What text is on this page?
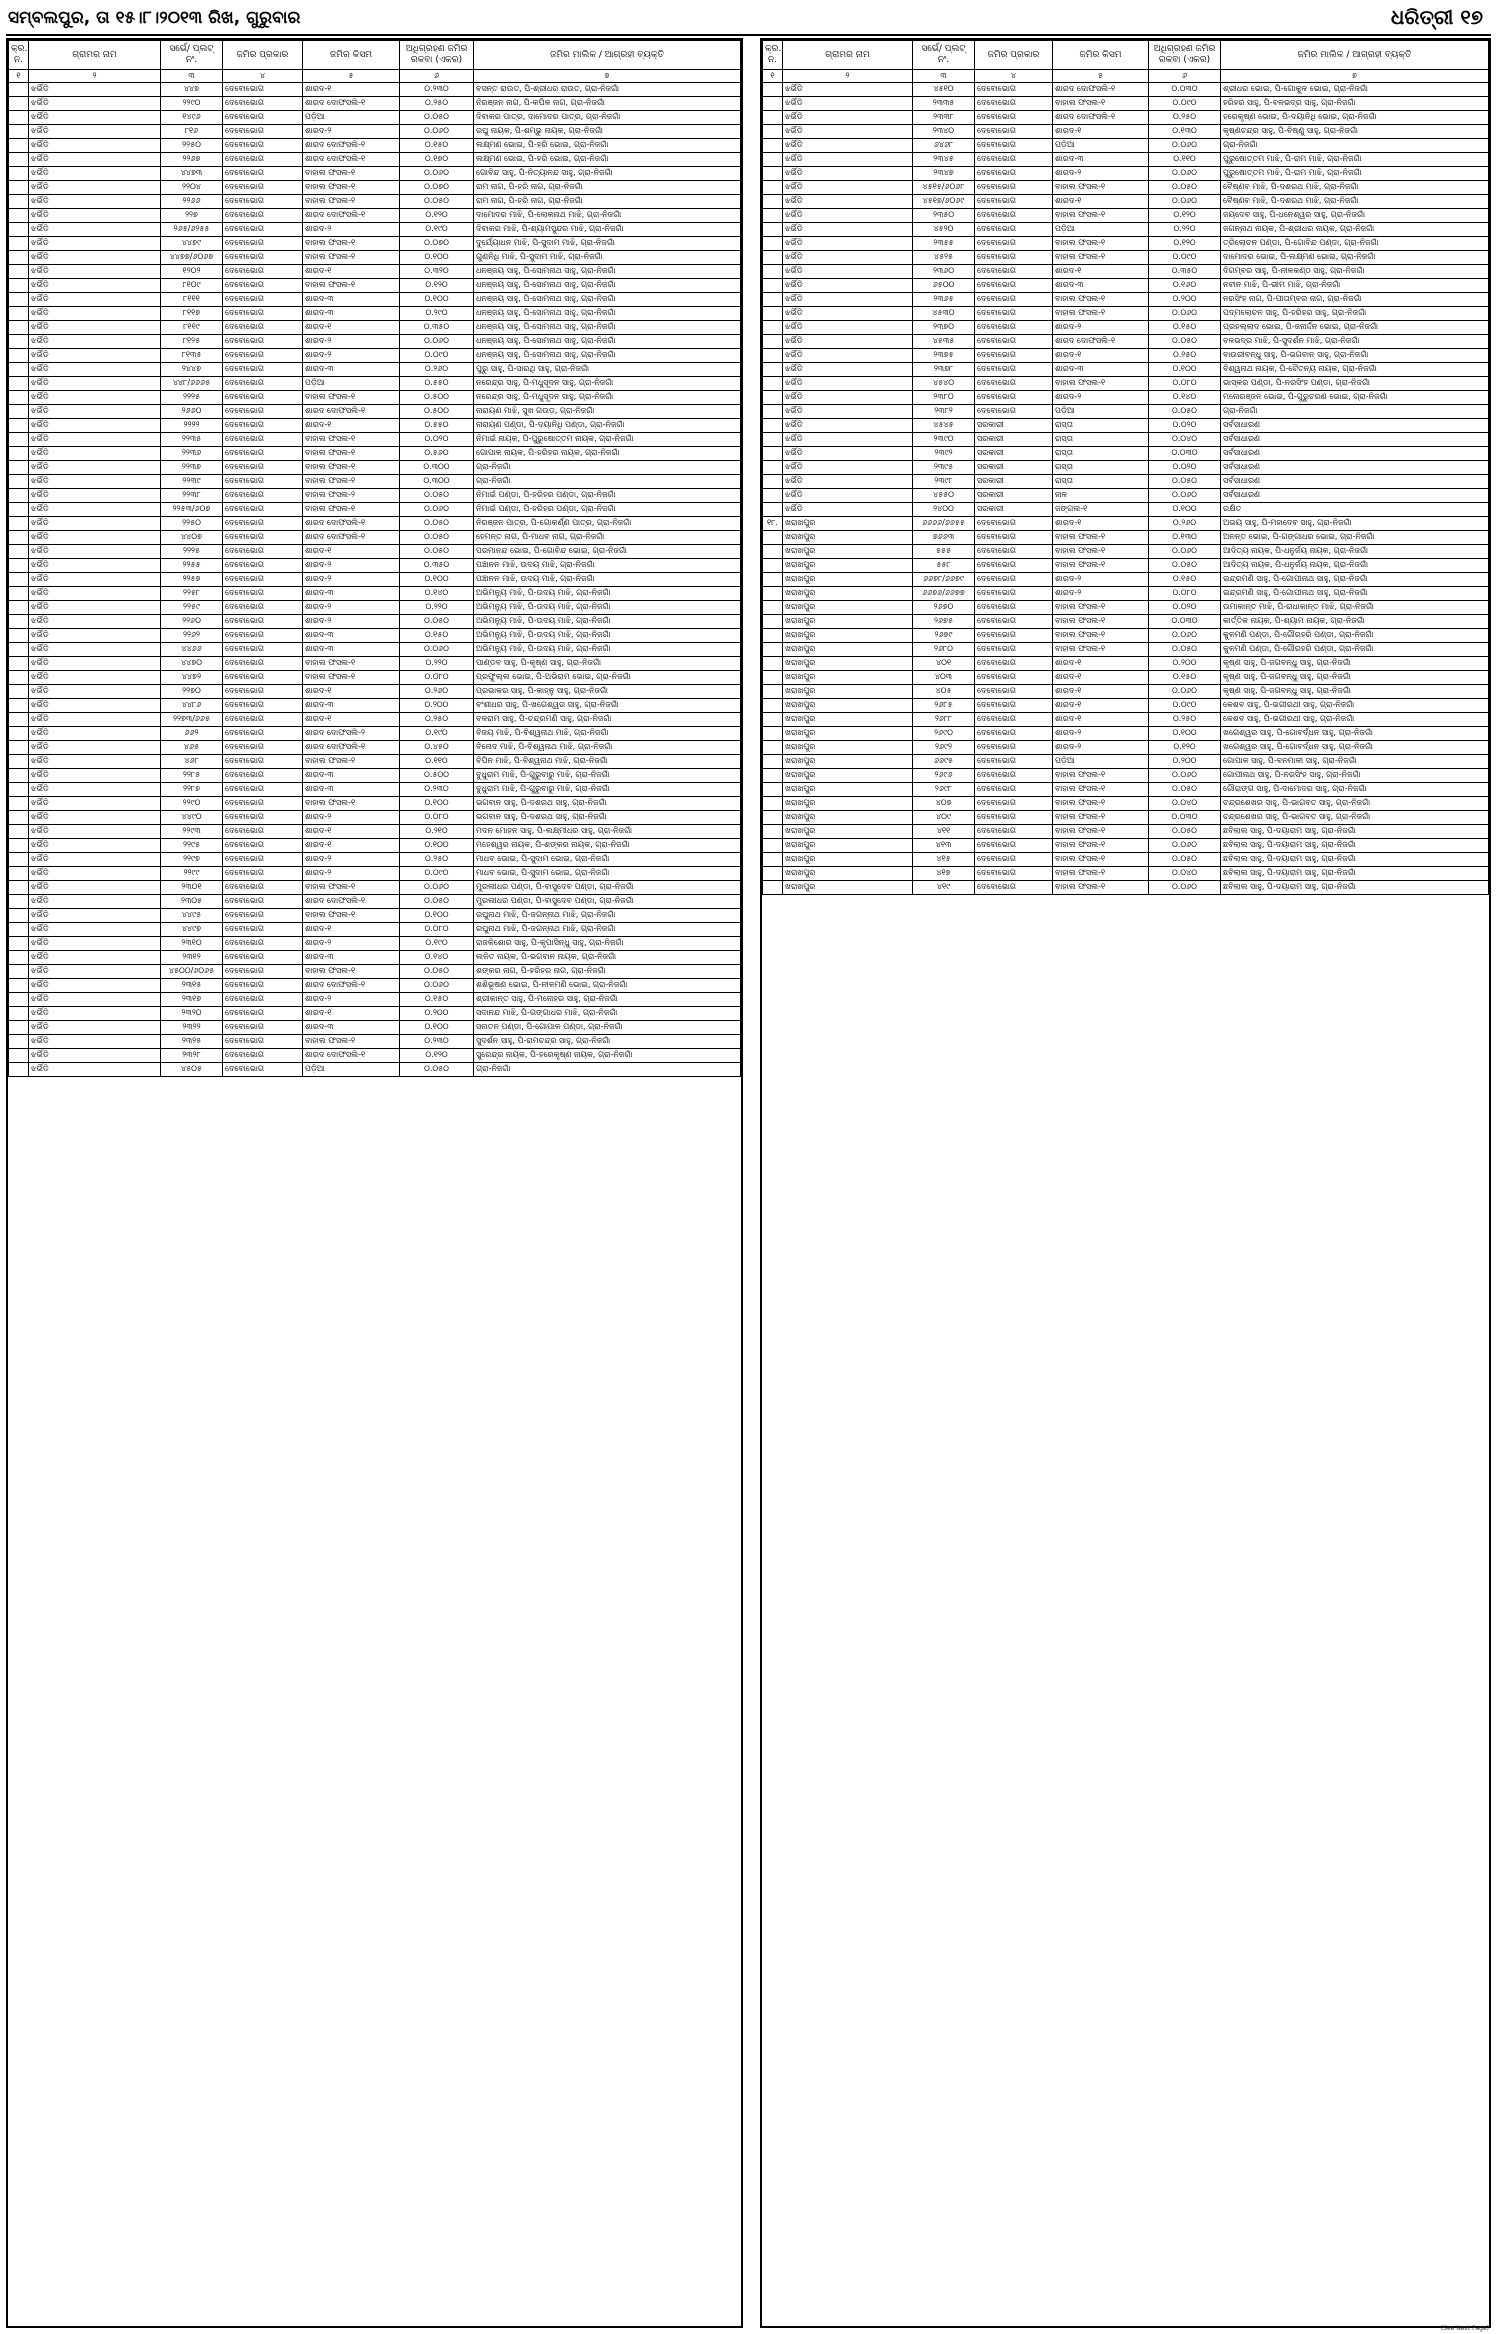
ସମ୍ବଲପୁର, ତା ୧୫।୮।୨୦୧୩ ରିଖ, ଗୁରୁବାର	ଧରିତ୍ରୀ ୧୭
କ୍ର. ନ.	ଗ୍ରାମର ନାମ	ସର୍ଭେ/ ପ୍ଲଟ୍ ନଂ.	ଜମିର ପ୍ରକାର	ଜମିର କିସମ	ଅଧିଗ୍ରହଣ ଜମିର ରକବା (ଏକର)	ଜମିର ମାଲିକ / ଆଗ୍ରହୀ ବ୍ୟକ୍ତି
୧	୨	୩	୪	୫	୬	୭
	ଝର୍ଭିଡି	୪୪୭	ଦେବୋଭୋଗ	ଶାରଦ-୧	୦.୨୩୦	ବସନ୍ତ ରାଉତ, ପି-ଶ୍ରୀଧର ରାଉତ, ଗ୍ରା-ନିଜଗାଁ
	ଝର୍ଭିଡି	୨୨୯୦	ଦେବୋଭୋଗ	ଶାରଦ ଦୋଫସଲି-୧	୦.୨୫୦	ନିରଞ୍ଜନ ନାଗ, ପି-କପିଳ ନାଗ, ଗ୍ରା-ନିଜଗାଁ
	ଝର୍ଭିଡି	୧୪୯୬	ଦେବୋଭୋଗ	ପଡ଼ିଆ	୦.୦୫୦	ଦିବାକର ପାତ୍ର, ଦାମୋଦର ପାତ୍ର, ଗ୍ରା-ନିଜଗାଁ
	ଝର୍ଭିଡି	୮୧୬	ଦେବୋଭୋଗ	ଶାରଦ-୨	୦.୦୬୦	ରଘୁ ନାୟକ, ପି-ଶମ୍ଭୁ ନାୟକ, ଗ୍ରା-ନିଜଗାଁ
	ଝର୍ଭିଡି	୨୨୫୦	ଦେବୋଭୋଗ	ଶାରଦ ଦୋଫସଲି-୧	୦.୧୫୦	ଲକ୍ଷ୍ମଣ ଭୋଇ, ପି-ହରି ଭୋଇ, ଗ୍ରା-ନିଜଗାଁ
	ଝର୍ଭିଡି	୨୨୬୭	ଦେବୋଭୋଗ	ଶାରଦ ଦୋଫସଲି-୧	୦.୧୭୦	ଲକ୍ଷ୍ମଣ ଭୋଇ, ପି-ହରି ଭୋଇ, ଗ୍ରା-ନିଜଗାଁ
	ଝର୍ଭିଡି	୪୪୭୩	ଦେବୋଭୋଗ	ବାହାଲ ଫସଲ-୧	୦.୦୬୦	ଗୋବିନ୍ଦ ସାହୁ, ପି-ନିତ୍ୟାନନ୍ଦ ସାହୁ, ଗ୍ରା-ନିଜଗାଁ
	ଝର୍ଭିଡି	୨୨୦୪	ଦେବୋଭୋଗ	ବାହାଲ ଫସଲ-୧	୦.୦୭୦	ରାମ ନାଗ, ପି-ହରି ନାଗ, ଗ୍ରା-ନିଜଗାଁ
	ଝର୍ଭିଡି	୨୨୬୬	ଦେବୋଭୋଗ	ବାହାଲ ଫସଲ-୧	୦.୦୫୦	ରାମ ନାଗ, ପି-ହରି ନାଗ, ଗ୍ରା-ନିଜଗାଁ
	ଝର୍ଭିଡି	୨୨୭	ଦେବୋଭୋଗ	ଶାରଦ ଦୋଫସଲି-୧	୦.୧୨୦	ଦାମୋଦର ମାଝି, ପି-ଲୋକନାଥ ମାଝି, ଗ୍ରା-ନିଜଗାଁ
	ଝର୍ଭିଡି	୨୬୫/୬୨୫୫	ଦେବୋଭୋଗ	ଶାରଦ-୨	୦.୧୯୦	ଦିବାକର ମାଝି, ପି-ଶ୍ୟାମସୁନ୍ଦର ମାଝି, ଗ୍ରା-ନିଜଗାଁ
	ଝର୍ଭିଡି	୪୪୭୯	ଦେବୋଭୋଗ	ବାହାଲ ଫସଲ-୧	୦.୦୭୦	ଦୁର୍ଯ୍ୟୋଧନ ମାଝି, ପି-ସୁଦାମ ମାଝି, ଗ୍ରା-ନିଜଗାଁ
	ଝର୍ଭିଡି	୪୪୭୭/୬୦୬୭	ଦେବୋଭୋଗ	ବାହାଲ ଫସଲ-୧	୦.୧୦୦	ଗୁଣନିଧି ମାଝି, ପି-ସୁଦାମ ମାଝି, ଗ୍ରା-ନିଜଗାଁ
	ଝର୍ଭିଡି	୧୨୦୨	ଦେବୋଭୋଗ	ଶାରଦ-୧	୦.୩୨୦	ଧନଞ୍ଜୟ ସାହୁ, ପି-ସୋମନାଥ ସାହୁ, ଗ୍ରା-ନିଜଗାଁ
	ଝର୍ଭିଡି	୮୧୦୯	ଦେବୋଭୋଗ	ବାହାଲ ଫସଲ-୧	୦.୧୨୦	ଧନଞ୍ଜୟ ସାହୁ, ପି-ସୋମନାଥ ସାହୁ, ଗ୍ରା-ନିଜଗାଁ
	ଝର୍ଭିଡି	୮୧୧୧	ଦେବୋଭୋଗ	ଶାରଦ-୩	୦.୧୦୦	ଧନଞ୍ଜୟ ସାହୁ, ପି-ସୋମନାଥ ସାହୁ, ଗ୍ରା-ନିଜଗାଁ
	ଝର୍ଭିଡି	୮୧୧୭	ଦେବୋଭୋଗ	ଶାରଦ-୩	୦.୨୯୦	ଧନଞ୍ଜୟ ସାହୁ, ପି-ସୋମନାଥ ସାହୁ, ଗ୍ରା-ନିଜଗାଁ
	ଝର୍ଭିଡି	୮୧୧୯	ଦେବୋଭୋଗ	ଶାରଦ-୧	୦.୩୫୦	ଧନଞ୍ଜୟ ସାହୁ, ପି-ସୋମନାଥ ସାହୁ, ଗ୍ରା-ନିଜଗାଁ
	ଝର୍ଭିଡି	୮୧୨୫	ଦେବୋଭୋଗ	ଶାରଦ-୨	୦.୦୬୦	ଧନଞ୍ଜୟ ସାହୁ, ପି-ସୋମନାଥ ସାହୁ, ଗ୍ରା-ନିଜଗାଁ
	ଝର୍ଭିଡି	୮୧୩୫	ଦେବୋଭୋଗ	ଶାରଦ-୨	୦.୦୯୦	ଧନଞ୍ଜୟ ସାହୁ, ପି-ସୋମନାଥ ସାହୁ, ଗ୍ରା-ନିଜଗାଁ
	ଝର୍ଭିଡି	୨୪୪୭	ଦେବୋଭୋଗ	ଶାରଦ-୩	୦.୨୬୦	ପୁରୁ ସାହୁ, ପି-ସାରଥି ସାହୁ, ଗ୍ରା-ନିଜଗାଁ
	ଝର୍ଭିଡି	୪୪୮/୬୬୬୫	ଦେବୋଭୋଗ	ପଡ଼ିଆ	୦.୫୫୦	ନରେନ୍ଦ୍ର ସାହୁ, ପି-ମଧୁସୂଦନ ସାହୁ, ଗ୍ରା-ନିଜଗାଁ
	ଝର୍ଭିଡି	୨୨୨୫	ଦେବୋଭୋଗ	ବାହାଲ ଫସଲ-୧	୦.୫୦୦	ନରେନ୍ଦ୍ର ସାହୁ, ପି-ମଧୁସୂଦନ ସାହୁ, ଗ୍ରା-ନିଜଗାଁ
	ଝର୍ଭିଡି	୨୬୬୦	ଦେବୋଭୋଗ	ଶାରଦ ଦୋଫସଲି-୧	୦.୫୦୦	ନାରାୟଣ ମାଝି, ସୁଖ ଗଉଡ଼, ଗ୍ରା-ନିଜଗାଁ
	ଝର୍ଭିଡି	୨୨୨୨	ଦେବୋଭୋଗ	ଶାରଦ-୧	୦.୫୫୦	ନାରାୟଣ ପଣ୍ଡା, ପି-ଦୟାନିଧି ପଣ୍ଡା, ଗ୍ରା-ନିଜଗାଁ
	ଝର୍ଭିଡି	୨୨୩୫	ଦେବୋଭୋଗ	ବାହାଲ ଫସଲ-୧	୦.୦୨୦	ନିମାଇଁ ନାୟକ, ପି-ପୁରୁଷୋତ୍ତମ ନାୟକ, ଗ୍ରା-ନିଜଗାଁ
	ଝର୍ଭିଡି	୨୨୩୬	ଦେବୋଭୋଗ	ବାହାଲ ଫସଲ-୧	୦.୫୬୦	ଗୋପାଳ ନାୟକ, ପି-ହରିହର ନାୟକ, ଗ୍ରା-ନିଜଗାଁ
	ଝର୍ଭିଡି	୨୨୩୭	ଦେବୋଭୋଗ	ବାହାଲ ଫସଲ-୧	୦.୩୦୦	ଗ୍ରା-ନିଜଗାଁ
	ଝର୍ଭିଡି	୨୨୩୯	ଦେବୋଭୋଗ	ବାହାଲ ଫସଲ-୧	୦.୩୦୦	ଗ୍ରା-ନିଜଗାଁ
	ଝର୍ଭିଡି	୨୨୩୮	ଦେବୋଭୋଗ	ବାହାଲ ଫସଲ-୨	୦.୦୫୦	ନିମାଇଁ ପଣ୍ଡା, ପି-ହରିହର ପଣ୍ଡା, ଗ୍ରା-ନିଜଗାଁ
	ଝର୍ଭିଡି	୨୨୫୩/୬୦୭	ଦେବୋଭୋଗ	ବାହାଲ ଫସଲ-୧	୦.୦୬୦	ନିମାଇଁ ପଣ୍ଡା, ପି-ହରିହର ପଣ୍ଡା, ଗ୍ରା-ନିଜଗାଁ
	ଝର୍ଭିଡି	୨୨୫୦	ଦେବୋଭୋଗ	ଶାରଦ ଦୋଫସଲି-୧	୦.୦୫୦	ନିରଞ୍ଜନ ପାତ୍ର, ପି-ଗୋକର୍ଣ୍ଣ ପାତ୍ର, ଗ୍ରା-ନିଜଗାଁ
	ଝର୍ଭିଡି	୪୪୦୭	ଦେବୋଭୋଗ	ଶାରଦ ଦୋଫସଲି-୧	୦.୦୫୦	ହେମନ୍ତ ନାଗ, ପି-ମାଧବ ନାଗ, ଗ୍ରା-ନିଜଗାଁ
	ଝର୍ଭିଡି	୨୨୨୫	ଦେବୋଭୋଗ	ଶାରଦ-୧	୦.୦୫୦	ପରମାନନ୍ଦ ଭୋଇ, ପି-ଗୋବିନ୍ଦ ଭୋଇ, ଗ୍ରା-ନିଜଗାଁ
	ଝର୍ଭିଡି	୨୨୫୫	ଦେବୋଭୋଗ	ଶାରଦ-୨	୦.୩୫୦	ପଞ୍ଚାନନ ମାଝି, ଉଦୟ ମାଝି, ଗ୍ରା-ନିଜଗାଁ
	ଝର୍ଭିଡି	୨୨୫୭	ଦେବୋଭୋଗ	ଶାରଦ-୨	୦.୧୦୦	ପଞ୍ଚାନନ ମାଝି, ଉଦୟ ମାଝି, ଗ୍ରା-ନିଜଗାଁ
	ଝର୍ଭିଡି	୨୨୫୮	ଦେବୋଭୋଗ	ଶାରଦ-୩	୦.୧୪୦	ଅଭିମନ୍ୟୁ ମାଝି, ପି-ଉଦୟ ମାଝି, ଗ୍ରା-ନିଜଗାଁ
	ଝର୍ଭିଡି	୨୨୫୯	ଦେବୋଭୋଗ	ଶାରଦ-୨	୦.୨୨୦	ଅଭିମନ୍ୟୁ ମାଝି, ପି-ଉଦୟ ମାଝି, ଗ୍ରା-ନିଜଗାଁ
	ଝର୍ଭିଡି	୨୨୬୦	ଦେବୋଭୋଗ	ଶାରଦ-୨	୦.୦୫୦	ଅଭିମନ୍ୟୁ ମାଝି, ପି-ଉଦୟ ମାଝି, ଗ୍ରା-ନିଜଗାଁ
	ଝର୍ଭିଡି	୨୨୬୨	ଦେବୋଭୋଗ	ଶାରଦ-୩	୦.୧୫୦	ଅଭିମନ୍ୟୁ ମାଝି, ପି-ଉଦୟ ମାଝି, ଗ୍ରା-ନିଜଗାଁ
	ଝର୍ଭିଡି	୪୪୬୬	ଦେବୋଭୋଗ	ଶାରଦ-୩	୦.୦୬୦	ଅଭିମନ୍ୟୁ ମାଝି, ପି-ଉଦୟ ମାଝି, ଗ୍ରା-ନିଜଗାଁ
	ଝର୍ଭିଡି	୪୪୭୦	ଦେବୋଭୋଗ	ବାହାଲ ଫସଲ-୧	୦.୨୨୦	ପାଣ୍ଡବ ସାହୁ, ପି-କୃଷ୍ଣ ସାହୁ, ଗ୍ରା-ନିଜଗାଁ
	ଝର୍ଭିଡି	୪୪୭୨	ଦେବୋଭୋଗ	ବାହାଲ ଫସଲ-୧	୦.୦୮୦	ପ୍ରଫୁଲ୍ଲ ଭୋଇ, ପି-ଅଭିରାମ ଭୋଇ, ଗ୍ରା-ନିଜଗାଁ
	ଝର୍ଭିଡି	୨୨୭୦	ଦେବୋଭୋଗ	ଶାରଦ-୧	୦.୨୬୦	ପ୍ରଭାକର ସାହୁ, ପି-କାହ୍ନୁ ସାହୁ, ଗ୍ରା-ନିଜଗାଁ
	ଝର୍ଭିଡି	୪୪୮୬	ଦେବୋଭୋଗ	ଶାରଦ-୩	୦.୨୦୦	ବଂଶୀଧର ସାହୁ, ପି-ଖଗେଶ୍ୱର ସାହୁ, ଗ୍ରା-ନିଜଗାଁ
	ଝର୍ଭିଡି	୨୨୭୩/୬୬୫	ଦେବୋଭୋଗ	ଶାରଦ-୧	୦.୨୫୦	ବଳରାମ ସାହୁ, ପି-ଚନ୍ଦ୍ରମଣି ସାହୁ, ଗ୍ରା-ନିଜଗାଁ
	ଝର୍ଭିଡି	୬୬୨	ଦେବୋଭୋଗ	ଶାରଦ ଦୋଫସଲି-୨	୦.୧୯୦	ବିଜୟ ମାଝି, ପି-ବିଶ୍ୱନାଥ ମାଝି, ଗ୍ରା-ନିଜଗାଁ
	ଝର୍ଭିଡି	୪୬୫	ଦେବୋଭୋଗ	ଶାରଦ ଦୋଫସଲି-୧	୦.୪୫୦	ବିନୋଦ ମାଝି, ପି-ବିଶ୍ୱନାଥ ମାଝି, ଗ୍ରା-ନିଜଗାଁ
	ଝର୍ଭିଡି	୪୬୮	ଦେବୋଭୋଗ	ବାହାଲ ଫସଲ-୧	୦.୧୧୦	ବିପିନ ମାଝି, ପି-ବିଶ୍ୱନାଥ ମାଝି, ଗ୍ରା-ନିଜଗାଁ
	ଝର୍ଭିଡି	୨୨୮୫	ଦେବୋଭୋଗ	ଶାରଦ-୩	୦.୫୦୦	ବୁଧୁରାମ ମାଝି, ପି-ଗୁରୁବାରୁ ମାଝି, ଗ୍ରା-ନିଜଗାଁ
	ଝର୍ଭିଡି	୨୨୮୭	ଦେବୋଭୋଗ	ଶାରଦ-୩	୦.୨୩୦	ବୁଧୁରାମ ମାଝି, ପି-ଗୁରୁବାରୁ ମାଝି, ଗ୍ରା-ନିଜଗାଁ
	ଝର୍ଭିଡି	୨୨୯୦	ଦେବୋଭୋଗ	ବାହାଲ ଫସଲ-୧	୦.୧୦୦	ଭଗବାନ ସାହୁ, ପି-ଦଶରଥ ସାହୁ, ଗ୍ରା-ନିଜଗାଁ
	ଝର୍ଭିଡି	୪୪୯୦	ଦେବୋଭୋଗ	ଶାରଦ-୨	୦.୦୮୦	ଭଗବାନ ସାହୁ, ପି-ଦଶରଥ ସାହୁ, ଗ୍ରା-ନିଜଗାଁ
	ଝର୍ଭିଡି	୨୨୯୩	ଦେବୋଭୋଗ	ଶାରଦ-୧	୦.୨୧୦	ମଦନ ମୋହନ ସାହୁ, ପି-ଲକ୍ଷ୍ମୀଧର ସାହୁ, ଗ୍ରା-ନିଜଗାଁ
	ଝର୍ଭିଡି	୨୨୯୫	ଦେବୋଭୋଗ	ଶାରଦ-୧	୦.୧୦୦	ମହେଶ୍ୱର ନାୟକ, ପି-ଶଙ୍କର ନାୟକ, ଗ୍ରା-ନିଜଗାଁ
	ଝର୍ଭିଡି	୨୨୯୭	ଦେବୋଭୋଗ	ଶାରଦ-୨	୦.୨୫୦	ମାଧବ ଭୋଇ, ପି-ସୁଦାମ ଭୋଇ, ଗ୍ରା-ନିଜଗାଁ
	ଝର୍ଭିଡି	୨୨୯୯	ଦେବୋଭୋଗ	ଶାରଦ-୨	୦.୦୯୦	ମାଧବ ଭୋଇ, ପି-ସୁଦାମ ଭୋଇ, ଗ୍ରା-ନିଜଗାଁ
	ଝର୍ଭିଡି	୨୩୦୧	ଦେବୋଭୋଗ	ବାହାଲ ଫସଲ-୧	୦.୦୬୦	ମୁରଲୀଧର ପଣ୍ଡା, ପି-ବାସୁଦେବ ପଣ୍ଡା, ଗ୍ରା-ନିଜଗାଁ
	ଝର୍ଭିଡି	୨୩୦୫	ଦେବୋଭୋଗ	ଶାରଦ ଦୋଫସଲି-୧	୦.୦୫୦	ମୁରଲୀଧର ପଣ୍ଡା, ପି-ବାସୁଦେବ ପଣ୍ଡା, ଗ୍ରା-ନିଜଗାଁ
	ଝର୍ଭିଡି	୪୪୯୫	ଦେବୋଭୋଗ	ବାହାଲ ଫସଲ-୧	୦.୧୦୦	ରଘୁନାଥ ମାଝି, ପି-ଜଗନ୍ନାଥ ମାଝି, ଗ୍ରା-ନିଜଗାଁ
	ଝର୍ଭିଡି	୪୪୯୭	ଦେବୋଭୋଗ	ଶାରଦ-୧	୦.୦୮୦	ରଘୁନାଥ ମାଝି, ପି-ଜଗନ୍ନାଥ ମାଝି, ଗ୍ରା-ନିଜଗାଁ
	ଝର୍ଭିଡି	୨୩୧୦	ଦେବୋଭୋଗ	ଶାରଦ-୨	୦.୧୯୦	ରାଜକିଶୋର ସାହୁ, ପି-କୃପାସିନ୍ଧୁ ସାହୁ, ଗ୍ରା-ନିଜଗାଁ
	ଝର୍ଭିଡି	୨୩୧୨	ଦେବୋଭୋଗ	ଶାରଦ-୩	୦.୧୪୦	ଲଳିତ ନାୟକ, ପି-ଭଗବାନ ନାୟକ, ଗ୍ରା-ନିଜଗାଁ
	ଝର୍ଭିଡି	୪୫୦୦/୬୦୬୫	ଦେବୋଭୋଗ	ବାହାଲ ଫସଲ-୧	୦.୦୫୦	ଶଙ୍କର ନାଗ, ପି-ହରିହର ନାଗ, ଗ୍ରା-ନିଜଗାଁ
	ଝର୍ଭିଡି	୨୩୧୫	ଦେବୋଭୋଗ	ଶାରଦ ଦୋଫସଲି-୧	୦.୦୬୦	ଶଶିଭୂଷଣ ଭୋଇ, ପି-ନୀଳମଣି ଭୋଇ, ଗ୍ରା-ନିଜଗାଁ
	ଝର୍ଭିଡି	୨୩୧୭	ଦେବୋଭୋଗ	ଶାରଦ-୨	୦.୧୫୦	ଶ୍ରୀକାନ୍ତ ସାହୁ, ପି-ମନୋହର ସାହୁ, ଗ୍ରା-ନିଜଗାଁ
	ଝର୍ଭିଡି	୨୩୨୦	ଦେବୋଭୋଗ	ଶାରଦ-୧	୦.୨୦୦	ସଦାନନ୍ଦ ମାଝି, ପି-ଗଙ୍ଗାଧର ମାଝି, ଗ୍ରା-ନିଜଗାଁ
	ଝର୍ଭିଡି	୨୩୨୨	ଦେବୋଭୋଗ	ଶାରଦ-୩	୦.୧୦୦	ସନାତନ ପଣ୍ଡା, ପି-ଗୋପାଳ ପଣ୍ଡା, ଗ୍ରା-ନିଜଗାଁ
	ଝର୍ଭିଡି	୨୩୨୫	ଦେବୋଭୋଗ	ବାହାଲ ଫସଲ-୧	୦.୨୩୦	ସୁଦର୍ଶନ ସାହୁ, ପି-ରାମଚନ୍ଦ୍ର ସାହୁ, ଗ୍ରା-ନିଜଗାଁ
	ଝର୍ଭିଡି	୨୩୨୮	ଦେବୋଭୋଗ	ଶାରଦ ଦୋଫସଲି-୧	୦.୧୨୦	ସୁରେନ୍ଦ୍ର ନାୟକ, ପି-ହରେକୃଷ୍ଣ ନାୟକ, ଗ୍ରା-ନିଜଗାଁ
	ଝର୍ଭିଡି	୪୫୦୫	ଦେବୋଭୋଗ	ପଡ଼ିଆ	୦.୦୫୦	ଗ୍ରା-ନିଜଗାଁ
କ୍ର. ନ.	ଗ୍ରାମର ନାମ	ସର୍ଭେ/ ପ୍ଲଟ୍ ନଂ.	ଜମିର ପ୍ରକାର	ଜମିର କିସମ	ଅଧିଗ୍ରହଣ ଜମିର ରକବା (ଏକର)	ଜମିର ମାଲିକ / ଆଗ୍ରହୀ ବ୍ୟକ୍ତି
୧	୨	୩	୪	୫	୬	୭
	ଝର୍ଭିଡି	୪୫୧୦	ଦେବୋଭୋଗ	ଶାରଦ ଦୋଫସଲି-୧	୦.୦୩୦	ଶ୍ରୀଧର ଭୋଇ, ପି-ଗୋକୁଳ ଭୋଇ, ଗ୍ରା-ନିଜଗାଁ
	ଝର୍ଭିଡି	୨୩୩୫	ଦେବୋଭୋଗ	ବାହାଲ ଫସଲ-୧	୦.୦୯୦	ହରିହର ସାହୁ, ପି-ବଳଭଦ୍ର ସାହୁ, ଗ୍ରା-ନିଜଗାଁ
	ଝର୍ଭିଡି	୨୩୩୮	ଦେବୋଭୋଗ	ଶାରଦ ଦୋଫସଲି-୧	୦.୨୫୦	ହରେକୃଷ୍ଣ ଭୋଇ, ପି-ଦୟାନିଧି ଭୋଇ, ଗ୍ରା-ନିଜଗାଁ
	ଝର୍ଭିଡି	୨୩୪୦	ଦେବୋଭୋଗ	ଶାରଦ-୧	୦.୧୩୦	କୃଷ୍ଣଚନ୍ଦ୍ର ସାହୁ, ପି-ବିଷ୍ଣୁ ସାହୁ, ଗ୍ରା-ନିଜଗାଁ
	ଝର୍ଭିଡି	୬୪୬୮	ଦେବୋଭୋଗ	ପଡ଼ିଆ	୦.୦୬୦	ଗ୍ରା-ନିଜଗାଁ
	ଝର୍ଭିଡି	୨୩୪୫	ଦେବୋଭୋଗ	ଶାରଦ-୩	୦.୧୧୦	ପୁରୁଷୋତ୍ତମ ମାଝି, ପି-ରାମ ମାଝି, ଗ୍ରା-ନିଜଗାଁ
	ଝର୍ଭିଡି	୨୩୪୭	ଦେବୋଭୋଗ	ଶାରଦ-୨	୦.୦୬୦	ପୁରୁଷୋତ୍ତମ ମାଝି, ପି-ରାମ ମାଝି, ଗ୍ରା-ନିଜଗାଁ
	ଝର୍ଭିଡି	୪୫୧୫/୬୦୬୮	ଦେବୋଭୋଗ	ବାହାଲ ଫସଲ-୧	୦.୦୫୦	ବୈଷ୍ଣବ ମାଝି, ପି-ଦଶରଥ ମାଝି, ଗ୍ରା-ନିଜଗାଁ
	ଝର୍ଭିଡି	୪୫୧୭/୬୦୬୯	ଦେବୋଭୋଗ	ଶାରଦ-୧	୦.୦୬୦	ବୈଷ୍ଣବ ମାଝି, ପି-ଦଶରଥ ମାଝି, ଗ୍ରା-ନିଜଗାଁ
	ଝର୍ଭିଡି	୨୩୫୦	ଦେବୋଭୋଗ	ବାହାଲ ଫସଲ-୧	୦.୧୨୦	ଜୟଦେବ ସାହୁ, ପି-ଧନେଶ୍ୱର ସାହୁ, ଗ୍ରା-ନିଜଗାଁ
	ଝର୍ଭିଡି	୪୫୨୦	ଦେବୋଭୋଗ	ପଡ଼ିଆ	୦.୨୨୦	ଜଗନ୍ନାଥ ନାୟକ, ପି-ଶ୍ରୀଧର ନାୟକ, ଗ୍ରା-ନିଜଗାଁ
	ଝର୍ଭିଡି	୨୩୫୫	ଦେବୋଭୋଗ	ବାହାଲ ଫସଲ-୧	୦.୧୨୦	ତ୍ରିଲୋଚନ ପଣ୍ଡା, ପି-ଗୋବିନ୍ଦ ପଣ୍ଡା, ଗ୍ରା-ନିଜଗାଁ
	ଝର୍ଭିଡି	୪୫୨୫	ଦେବୋଭୋଗ	ବାହାଲ ଫସଲ-୧	୦.୦୯୦	ଦାମୋଦର ଭୋଇ, ପି-ଲକ୍ଷ୍ମଣ ଭୋଇ, ଗ୍ରା-ନିଜଗାଁ
	ଝର୍ଭିଡି	୨୩୬୦	ଦେବୋଭୋଗ	ଶାରଦ-୧	୦.୩୫୦	ଦିଗମ୍ବର ସାହୁ, ପି-ନୀଳକଣ୍ଠ ସାହୁ, ଗ୍ରା-ନିଜଗାଁ
	ଝର୍ଭିଡି	୬୫୦୦	ଦେବୋଭୋଗ	ଶାରଦ-୩	୦.୧୬୦	ନବୀନ ମାଝି, ପି-ଭୀମ ମାଝି, ଗ୍ରା-ନିଜଗାଁ
	ଝର୍ଭିଡି	୨୩୬୫	ଦେବୋଭୋଗ	ବାହାଲ ଫସଲ-୧	୦.୨୦୦	ନରସିଂହ ନାଗ, ପି-ପୀତାମ୍ବର ନାଗ, ଗ୍ରା-ନିଜଗାଁ
	ଝର୍ଭିଡି	୪୫୩୦	ଦେବୋଭୋଗ	ବାହାଲ ଫସଲ-୧	୦.୦୬୦	ପଦ୍ମଲୋଚନ ସାହୁ, ପି-ହରିହର ସାହୁ, ଗ୍ରା-ନିଜଗାଁ
	ଝର୍ଭିଡି	୨୩୭୦	ଦେବୋଭୋଗ	ଶାରଦ-୨	୦.୧୫୦	ପ୍ରହଲ୍ଲାଦ ଭୋଇ, ପି-ଜନାର୍ଦ୍ଦନ ଭୋଇ, ଗ୍ରା-ନିଜଗାଁ
	ଝର୍ଭିଡି	୪୫୩୫	ଦେବୋଭୋଗ	ଶାରଦ ଦୋଫସଲି-୧	୦.୦୫୦	ବଳଭଦ୍ର ମାଝି, ପି-ସୁଦର୍ଶନ ମାଝି, ଗ୍ରା-ନିଜଗାଁ
	ଝର୍ଭିଡି	୨୩୭୫	ଦେବୋଭୋଗ	ଶାରଦ-୧	୦.୨୫୦	ବାଉରୀବନ୍ଧୁ ସାହୁ, ପି-ଭଗବାନ ସାହୁ, ଗ୍ରା-ନିଜଗାଁ
	ଝର୍ଭିଡି	୨୩୭୮	ଦେବୋଭୋଗ	ଶାରଦ-୩	୦.୧୦୦	ବିଶ୍ୱନାଥ ନାୟକ, ପି-ଚୈତନ୍ୟ ନାୟକ, ଗ୍ରା-ନିଜଗାଁ
	ଝର୍ଭିଡି	୪୫୪୦	ଦେବୋଭୋଗ	ବାହାଲ ଫସଲ-୧	୦.୦୮୦	ଭାସ୍କର ପଣ୍ଡା, ପି-ନରସିଂହ ପଣ୍ଡା, ଗ୍ରା-ନିଜଗାଁ
	ଝର୍ଭିଡି	୨୩୮୦	ଦେବୋଭୋଗ	ଶାରଦ-୨	୦.୧୪୦	ମନୋରଞ୍ଜନ ଭୋଇ, ପି-ଗୁରୁଚରଣ ଭୋଇ, ଗ୍ରା-ନିଜଗାଁ
	ଝର୍ଭିଡି	୨୩୮୨	ଦେବୋଭୋଗ	ପଡ଼ିଆ	୦.୦୫୦	ଗ୍ରା-ନିଜଗାଁ
	ଝର୍ଭିଡି	୪୫୪୫	ସରକାରୀ	ରାସ୍ତା	୦.୦୨୦	ସର୍ବସାଧାରଣ
	ଝର୍ଭିଡି	୨୩୯୦	ସରକାରୀ	ରାସ୍ତା	୦.୦୪୦	ସର୍ବସାଧାରଣ
	ଝର୍ଭିଡି	୨୩୯୨	ସରକାରୀ	ରାସ୍ତା	୦.୦୩୦	ସର୍ବସାଧାରଣ
	ଝର୍ଭିଡି	୨୩୯୫	ସରକାରୀ	ରାସ୍ତା	୦.୦୨୦	ସର୍ବସାଧାରଣ
	ଝର୍ଭିଡି	୨୩୯୮	ସରକାରୀ	ରାସ୍ତା	୦.୦୫୦	ସର୍ବସାଧାରଣ
	ଝର୍ଭିଡି	୪୫୫୦	ସରକାରୀ	ନାଳ	୦.୦୬୦	ସର୍ବସାଧାରଣ
	ଝର୍ଭିଡି	୨୪୦୦	ସରକାରୀ	ଜଙ୍ଗଲ-୧	୦.୧୦୦	ରକ୍ଷିତ
୧୮.	ଖରାଖପୁର	୬୬୬୬/୬୬୫୫	ଦେବୋଭୋଗ	ଶାରଦ-୧	୦.୨୬୦	ଅଭୟ ସାହୁ, ପି-ମହାଦେବ ସାହୁ, ଗ୍ରା-ନିଜଗାଁ
	ଖରାଖପୁର	୭୬୬୩	ଦେବୋଭୋଗ	ବାହାଲ ଫସଲ-୧	୦.୧୩୦	ଅନନ୍ତ ଭୋଇ, ପି-ଗଙ୍ଗାଧର ଭୋଇ, ଗ୍ରା-ନିଜଗାଁ
	ଖରାଖପୁର	୫୫୫	ଦେବୋଭୋଗ	ବାହାଲ ଫସଲ-୧	୦.୦୬୦	ଆଦିତ୍ୟ ନାୟକ, ପି-ଧନୁର୍ଜୟ ନାୟକ, ଗ୍ରା-ନିଜଗାଁ
	ଖରାଖପୁର	୫୫୮	ଦେବୋଭୋଗ	ବାହାଲ ଫସଲ-୧	୦.୦୫୦	ଆଦିତ୍ୟ ନାୟକ, ପି-ଧନୁର୍ଜୟ ନାୟକ, ଗ୍ରା-ନିଜଗାଁ
	ଖରାଖପୁର	୬୬୭୮/୬୬୭୯	ଦେବୋଭୋଗ	ଶାରଦ-୨	୦.୧୫୦	ଇନ୍ଦ୍ରମଣି ସାହୁ, ପି-ଗୋପୀନାଥ ସାହୁ, ଗ୍ରା-ନିଜଗାଁ
	ଖରାଖପୁର	୬୬୭୬/୬୬୭୭	ଦେବୋଭୋଗ	ଶାରଦ-୨	୦.୦୮୦	ଇନ୍ଦ୍ରମଣି ସାହୁ, ପି-ଗୋପୀନାଥ ସାହୁ, ଗ୍ରା-ନିଜଗାଁ
	ଖରାଖପୁର	୨୬୭୦	ଦେବୋଭୋଗ	ବାହାଲ ଫସଲ-୧	୦.୦୨୦	ଉମାକାନ୍ତ ମାଝି, ପି-ରାଧାକାନ୍ତ ମାଝି, ଗ୍ରା-ନିଜଗାଁ
	ଖରାଖପୁର	୨୬୭୫	ଦେବୋଭୋଗ	ବାହାଲ ଫସଲ-୧	୦.୦୩୦	କାର୍ତ୍ତିକ ନାୟକ, ପି-ଶ୍ୟାମ ନାୟକ, ଗ୍ରା-ନିଜଗାଁ
	ଖରାଖପୁର	୨୬୭୯	ଦେବୋଭୋଗ	ବାହାଲ ଫସଲ-୧	୦.୦୬୦	କୁଳମଣି ପଣ୍ଡା, ପି-ଗୌରହରି ପଣ୍ଡା, ଗ୍ରା-ନିଜଗାଁ
	ଖରାଖପୁର	୨୬୮୦	ଦେବୋଭୋଗ	ବାହାଲ ଫସଲ-୧	୦.୦୫୦	କୁଳମଣି ପଣ୍ଡା, ପି-ଗୌରହରି ପଣ୍ଡା, ଗ୍ରା-ନିଜଗାଁ
	ଖରାଖପୁର	୪୦୧	ଦେବୋଭୋଗ	ଶାରଦ-୧	୦.୨୦୦	କୃଷ୍ଣ ସାହୁ, ପି-ଜଗବନ୍ଧୁ ସାହୁ, ଗ୍ରା-ନିଜଗାଁ
	ଖରାଖପୁର	୪୦୩	ଦେବୋଭୋଗ	ଶାରଦ-୧	୦.୧୫୦	କୃଷ୍ଣ ସାହୁ, ପି-ଜଗବନ୍ଧୁ ସାହୁ, ଗ୍ରା-ନିଜଗାଁ
	ଖରାଖପୁର	୪୦୫	ଦେବୋଭୋଗ	ଶାରଦ-୧	୦.୦୬୦	କୃଷ୍ଣ ସାହୁ, ପି-ଜଗବନ୍ଧୁ ସାହୁ, ଗ୍ରା-ନିଜଗାଁ
	ଖରାଖପୁର	୨୬୮୫	ଦେବୋଭୋଗ	ଶାରଦ-୧	୦.୦୯୦	କେଶବ ସାହୁ, ପି-ଭଗୀରଥୀ ସାହୁ, ଗ୍ରା-ନିଜଗାଁ
	ଖରାଖପୁର	୨୬୮୮	ଦେବୋଭୋଗ	ଶାରଦ-୧	୦.୨୫୦	କେଶବ ସାହୁ, ପି-ଭଗୀରଥୀ ସାହୁ, ଗ୍ରା-ନିଜଗାଁ
	ଖରାଖପୁର	୨୬୯୦	ଦେବୋଭୋଗ	ଶାରଦ-୨	୦.୧୦୦	ଖଗେଶ୍ୱର ସାହୁ, ପି-ଗୋବର୍ଦ୍ଧନ ସାହୁ, ଗ୍ରା-ନିଜଗାଁ
	ଖରାଖପୁର	୨୬୯୨	ଦେବୋଭୋଗ	ଶାରଦ-୨	୦.୧୨୦	ଖଗେଶ୍ୱର ସାହୁ, ପି-ଗୋବର୍ଦ୍ଧନ ସାହୁ, ଗ୍ରା-ନିଜଗାଁ
	ଖରାଖପୁର	୬୬୯୫	ଦେବୋଭୋଗ	ପଡ଼ିଆ	୦.୨୦୦	ଗୋପାଳ ସାହୁ, ପି-ବନମାଳୀ ସାହୁ, ଗ୍ରା-ନିଜଗାଁ
	ଖରାଖପୁର	୨୬୯୬	ଦେବୋଭୋଗ	ବାହାଲ ଫସଲ-୧	୦.୦୬୦	ଗୋପୀନାଥ ସାହୁ, ପି-ନରସିଂହ ସାହୁ, ଗ୍ରା-ନିଜଗାଁ
	ଖରାଖପୁର	୨୬୯୮	ଦେବୋଭୋଗ	ବାହାଲ ଫସଲ-୧	୦.୦୫୦	ଗୌରାଙ୍ଗ ସାହୁ, ପି-ଦାମୋଦର ସାହୁ, ଗ୍ରା-ନିଜଗାଁ
	ଖରାଖପୁର	୪୦୭	ଦେବୋଭୋଗ	ବାହାଲ ଫସଲ-୧	୦.୦୪୦	ଚନ୍ଦ୍ରଶେଖର ସାହୁ, ପି-ଭାଗବତ ସାହୁ, ଗ୍ରା-ନିଜଗାଁ
	ଖରାଖପୁର	୪୦୯	ଦେବୋଭୋଗ	ବାହାଲ ଫସଲ-୧	୦.୦୩୦	ଚନ୍ଦ୍ରଶେଖର ସାହୁ, ପି-ଭାଗବତ ସାହୁ, ଗ୍ରା-ନିଜଗାଁ
	ଖରାଖପୁର	୪୧୧	ଦେବୋଭୋଗ	ବାହାଲ ଫସଲ-୧	୦.୦୫୦	ଛବିଲାଲ ସାହୁ, ପି-ଦୟାରାମ ସାହୁ, ଗ୍ରା-ନିଜଗାଁ
	ଖରାଖପୁର	୪୧୩	ଦେବୋଭୋଗ	ବାହାଲ ଫସଲ-୧	୦.୦୬୦	ଛବିଲାଲ ସାହୁ, ପି-ଦୟାରାମ ସାହୁ, ଗ୍ରା-ନିଜଗାଁ
	ଖରାଖପୁର	୪୧୫	ଦେବୋଭୋଗ	ବାହାଲ ଫସଲ-୧	୦.୦୫୦	ଛବିଲାଲ ସାହୁ, ପି-ଦୟାରାମ ସାହୁ, ଗ୍ରା-ନିଜଗାଁ
	ଖରାଖପୁର	୪୧୭	ଦେବୋଭୋଗ	ବାହାଲ ଫସଲ-୧	୦.୦୪୦	ଛବିଲାଲ ସାହୁ, ପି-ଦୟାରାମ ସାହୁ, ଗ୍ରା-ନିଜଗାଁ
	ଖରାଖପୁର	୪୧୯	ଦେବୋଭୋଗ	ବାହାଲ ଫସଲ-୧	୦.୦୬୦	ଛବିଲାଲ ସାହୁ, ପି-ଦୟାରାମ ସାହୁ, ଗ୍ରା-ନିଜଗାଁ
(See Next Page)
